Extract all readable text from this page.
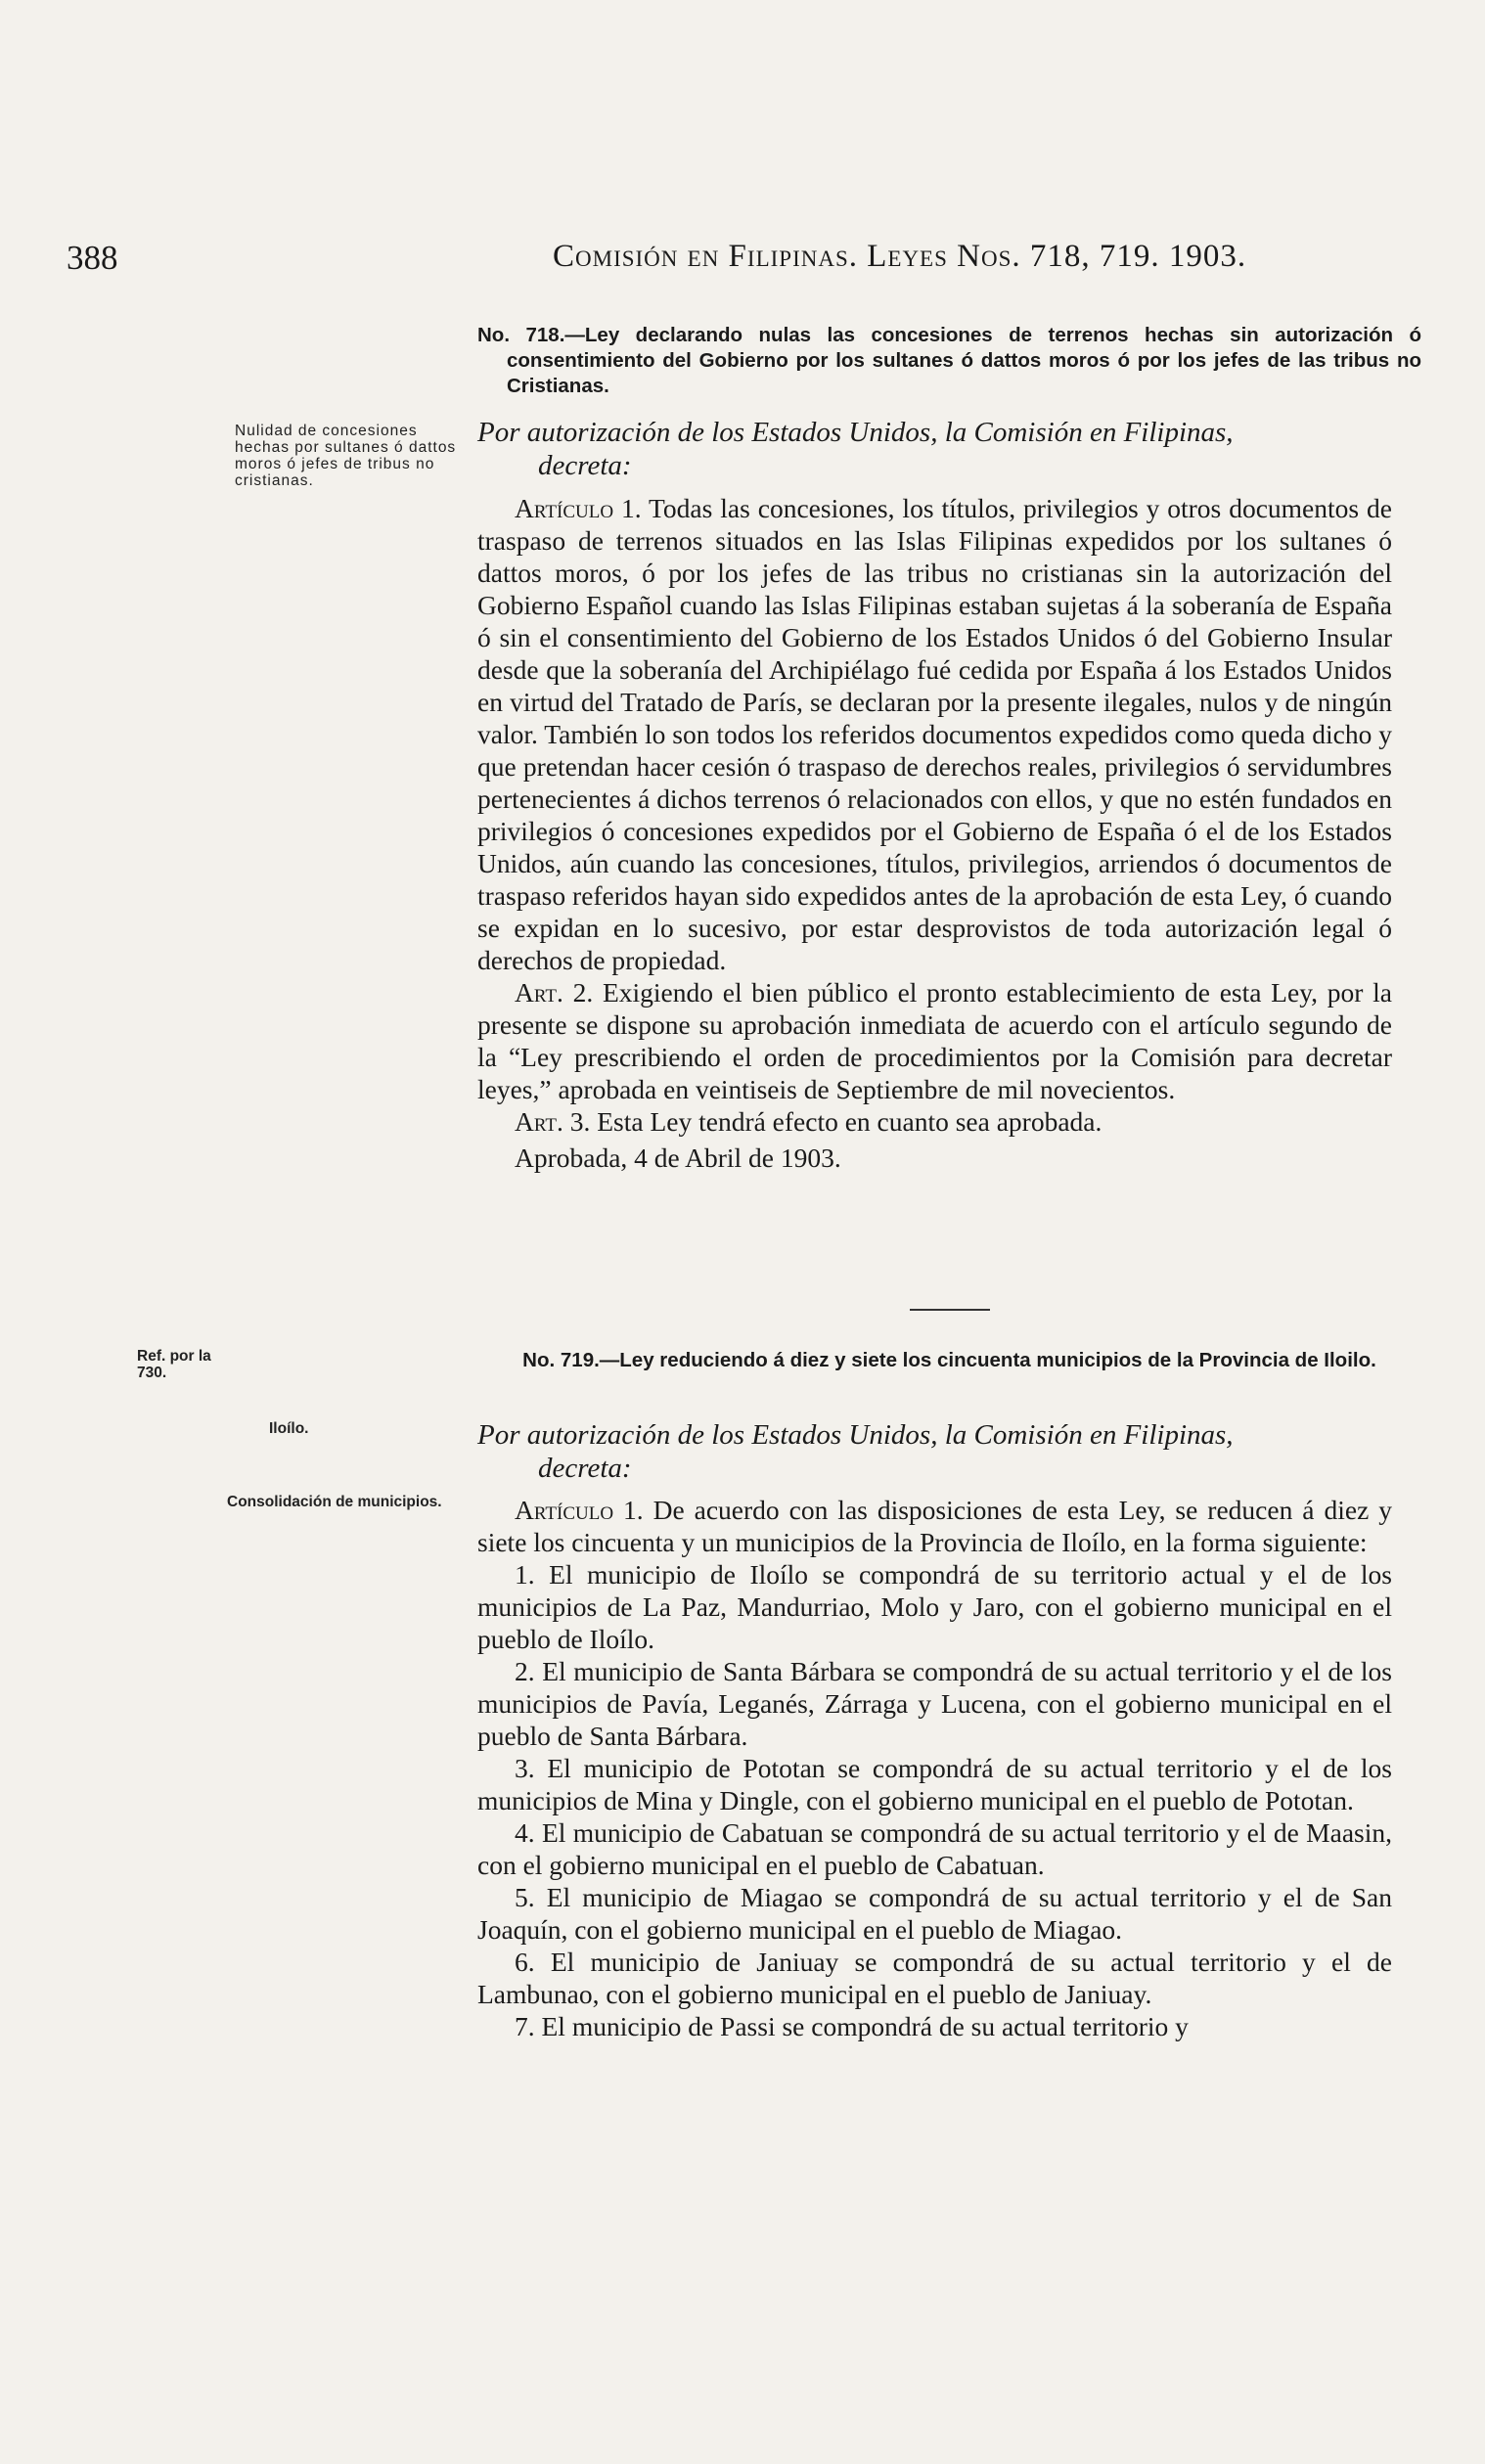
388	Comisión en Filipinas. Leyes Nos. 718, 719. 1903.
Nulidad de concesiones hechas por sultanes ó dattos moros ó jefes de tribus no cristianas.
No. 718.—Ley declarando nulas las concesiones de terrenos hechas sin autorización ó consentimiento del Gobierno por los sultanes ó dattos moros ó por los jefes de las tribus no Cristianas.
Por autorización de los Estados Unidos, la Comisión en Filipinas,
decreta:

Artículo 1. Todas las concesiones, los títulos, privilegios y otros documentos de traspaso de terrenos situados en las Islas Filipinas expedidos por los sultanes ó dattos moros, ó por los jefes de las tribus no cristianas sin la autorización del Gobierno Español cuando las Islas Filipinas estaban sujetas á la soberanía de España ó sin el consentimiento del Gobierno de los Estados Unidos ó del Gobierno Insular desde que la soberanía del Archipiélago fué cedida por España á los Estados Unidos en virtud del Tratado de París, se declaran por la presente ilegales, nulos y de ningún valor. También lo son todos los referidos documentos expedidos como queda dicho y que pretendan hacer cesión ó traspaso de derechos reales, privilegios ó servidumbres pertenecientes á dichos terrenos ó relacionados con ellos, y que no estén fundados en privilegios ó concesiones expedidos por el Gobierno de España ó el de los Estados Unidos, aún cuando las concesiones, títulos, privilegios, arriendos ó documentos de traspaso referidos hayan sido expedidos antes de la aprobación de esta Ley, ó cuando se expidan en lo sucesivo, por estar desprovistos de toda autorización legal ó derechos de propiedad.

Art. 2. Exigiendo el bien público el pronto establecimiento de esta Ley, por la presente se dispone su aprobación inmediata de acuerdo con el artículo segundo de la “Ley prescribiendo el orden de procedimientos por la Comisión para decretar leyes,” aprobada en veintiseis de Septiembre de mil novecientos.

Art. 3. Esta Ley tendrá efecto en cuanto sea aprobada.

Aprobada, 4 de Abril de 1903.

Ref. por la 730.
No. 719.—Ley reduciendo á diez y siete los cincuenta municipios de la Provincia de Iloilo.
Iloílo.
Consolidación de municipios.
Por autorización de los Estados Unidos, la Comisión en Filipinas,
decreta:

Artículo 1. De acuerdo con las disposiciones de esta Ley, se reducen á diez y siete los cincuenta y un municipios de la Provincia de Iloílo, en la forma siguiente:

1. El municipio de Iloílo se compondrá de su territorio actual y el de los municipios de La Paz, Mandurriao, Molo y Jaro, con el gobierno municipal en el pueblo de Iloílo.

2. El municipio de Santa Bárbara se compondrá de su actual territorio y el de los municipios de Pavía, Leganés, Zárraga y Lucena, con el gobierno municipal en el pueblo de Santa Bárbara.

3. El municipio de Pototan se compondrá de su actual territorio y el de los municipios de Mina y Dingle, con el gobierno municipal en el pueblo de Pototan.

4. El municipio de Cabatuan se compondrá de su actual territorio y el de Maasin, con el gobierno municipal en el pueblo de Cabatuan.

5. El municipio de Miagao se compondrá de su actual territorio y el de San Joaquín, con el gobierno municipal en el pueblo de Miagao.

6. El municipio de Janiuay se compondrá de su actual territorio y el de Lambunao, con el gobierno municipal en el pueblo de Janiuay.

7. El municipio de Passi se compondrá de su actual territorio y
